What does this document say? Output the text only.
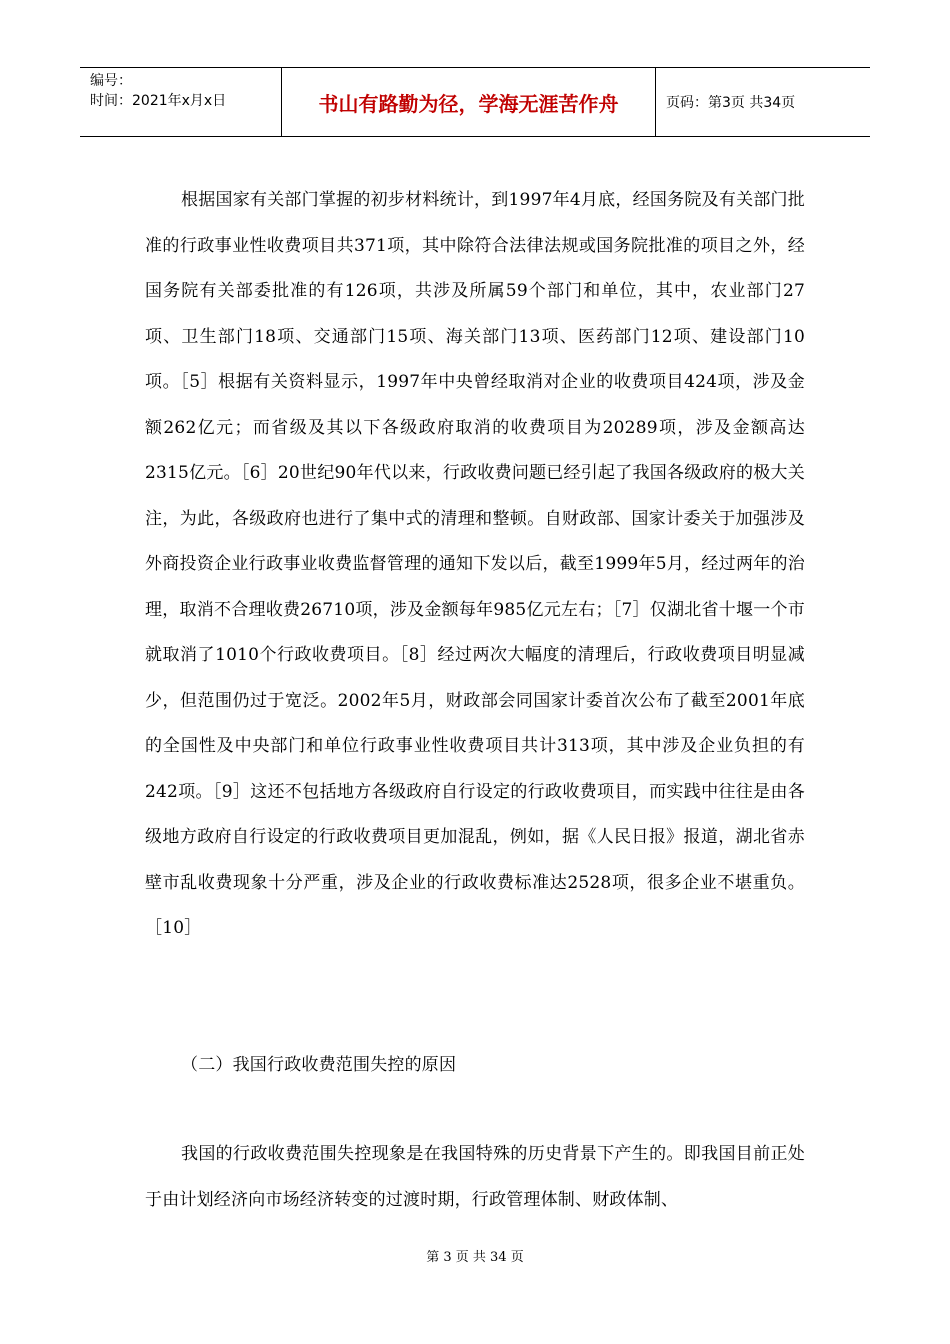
编号：
时间：2021年x月x日	书山有路勤为径，学海无涯苦作舟	页码：第3页 共34页

根据国家有关部门掌握的初步材料统计，到1997年4月底，经国务院及有关部门批准的行政事业性收费项目共371项，其中除符合法律法规或国务院批准的项目之外，经国务院有关部委批准的有126项，共涉及所属59个部门和单位，其中，农业部门27项、卫生部门18项、交通部门15项、海关部门13项、医药部门12项、建设部门10项。［5］根据有关资料显示，1997年中央曾经取消对企业的收费项目424项，涉及金额262亿元；而省级及其以下各级政府取消的收费项目为20289项，涉及金额高达2315亿元。［6］20世纪90年代以来，行政收费问题已经引起了我国各级政府的极大关注，为此，各级政府也进行了集中式的清理和整顿。自财政部、国家计委关于加强涉及外商投资企业行政事业收费监督管理的通知下发以后，截至1999年5月，经过两年的治理，取消不合理收费26710项，涉及金额每年985亿元左右；［7］仅湖北省十堰一个市就取消了1010个行政收费项目。［8］经过两次大幅度的清理后，行政收费项目明显减少，但范围仍过于宽泛。2002年5月，财政部会同国家计委首次公布了截至2001年底的全国性及中央部门和单位行政事业性收费项目共计313项，其中涉及企业负担的有242项。［9］这还不包括地方各级政府自行设定的行政收费项目，而实践中往往是由各级地方政府自行设定的行政收费项目更加混乱，例如，据《人民日报》报道，湖北省赤壁市乱收费现象十分严重，涉及企业的行政收费标准达2528项，很多企业不堪重负。［10］

（二）我国行政收费范围失控的原因

我国的行政收费范围失控现象是在我国特殊的历史背景下产生的。即我国目前正处于由计划经济向市场经济转变的过渡时期，行政管理体制、财政体制、

第 3 页 共 34 页
